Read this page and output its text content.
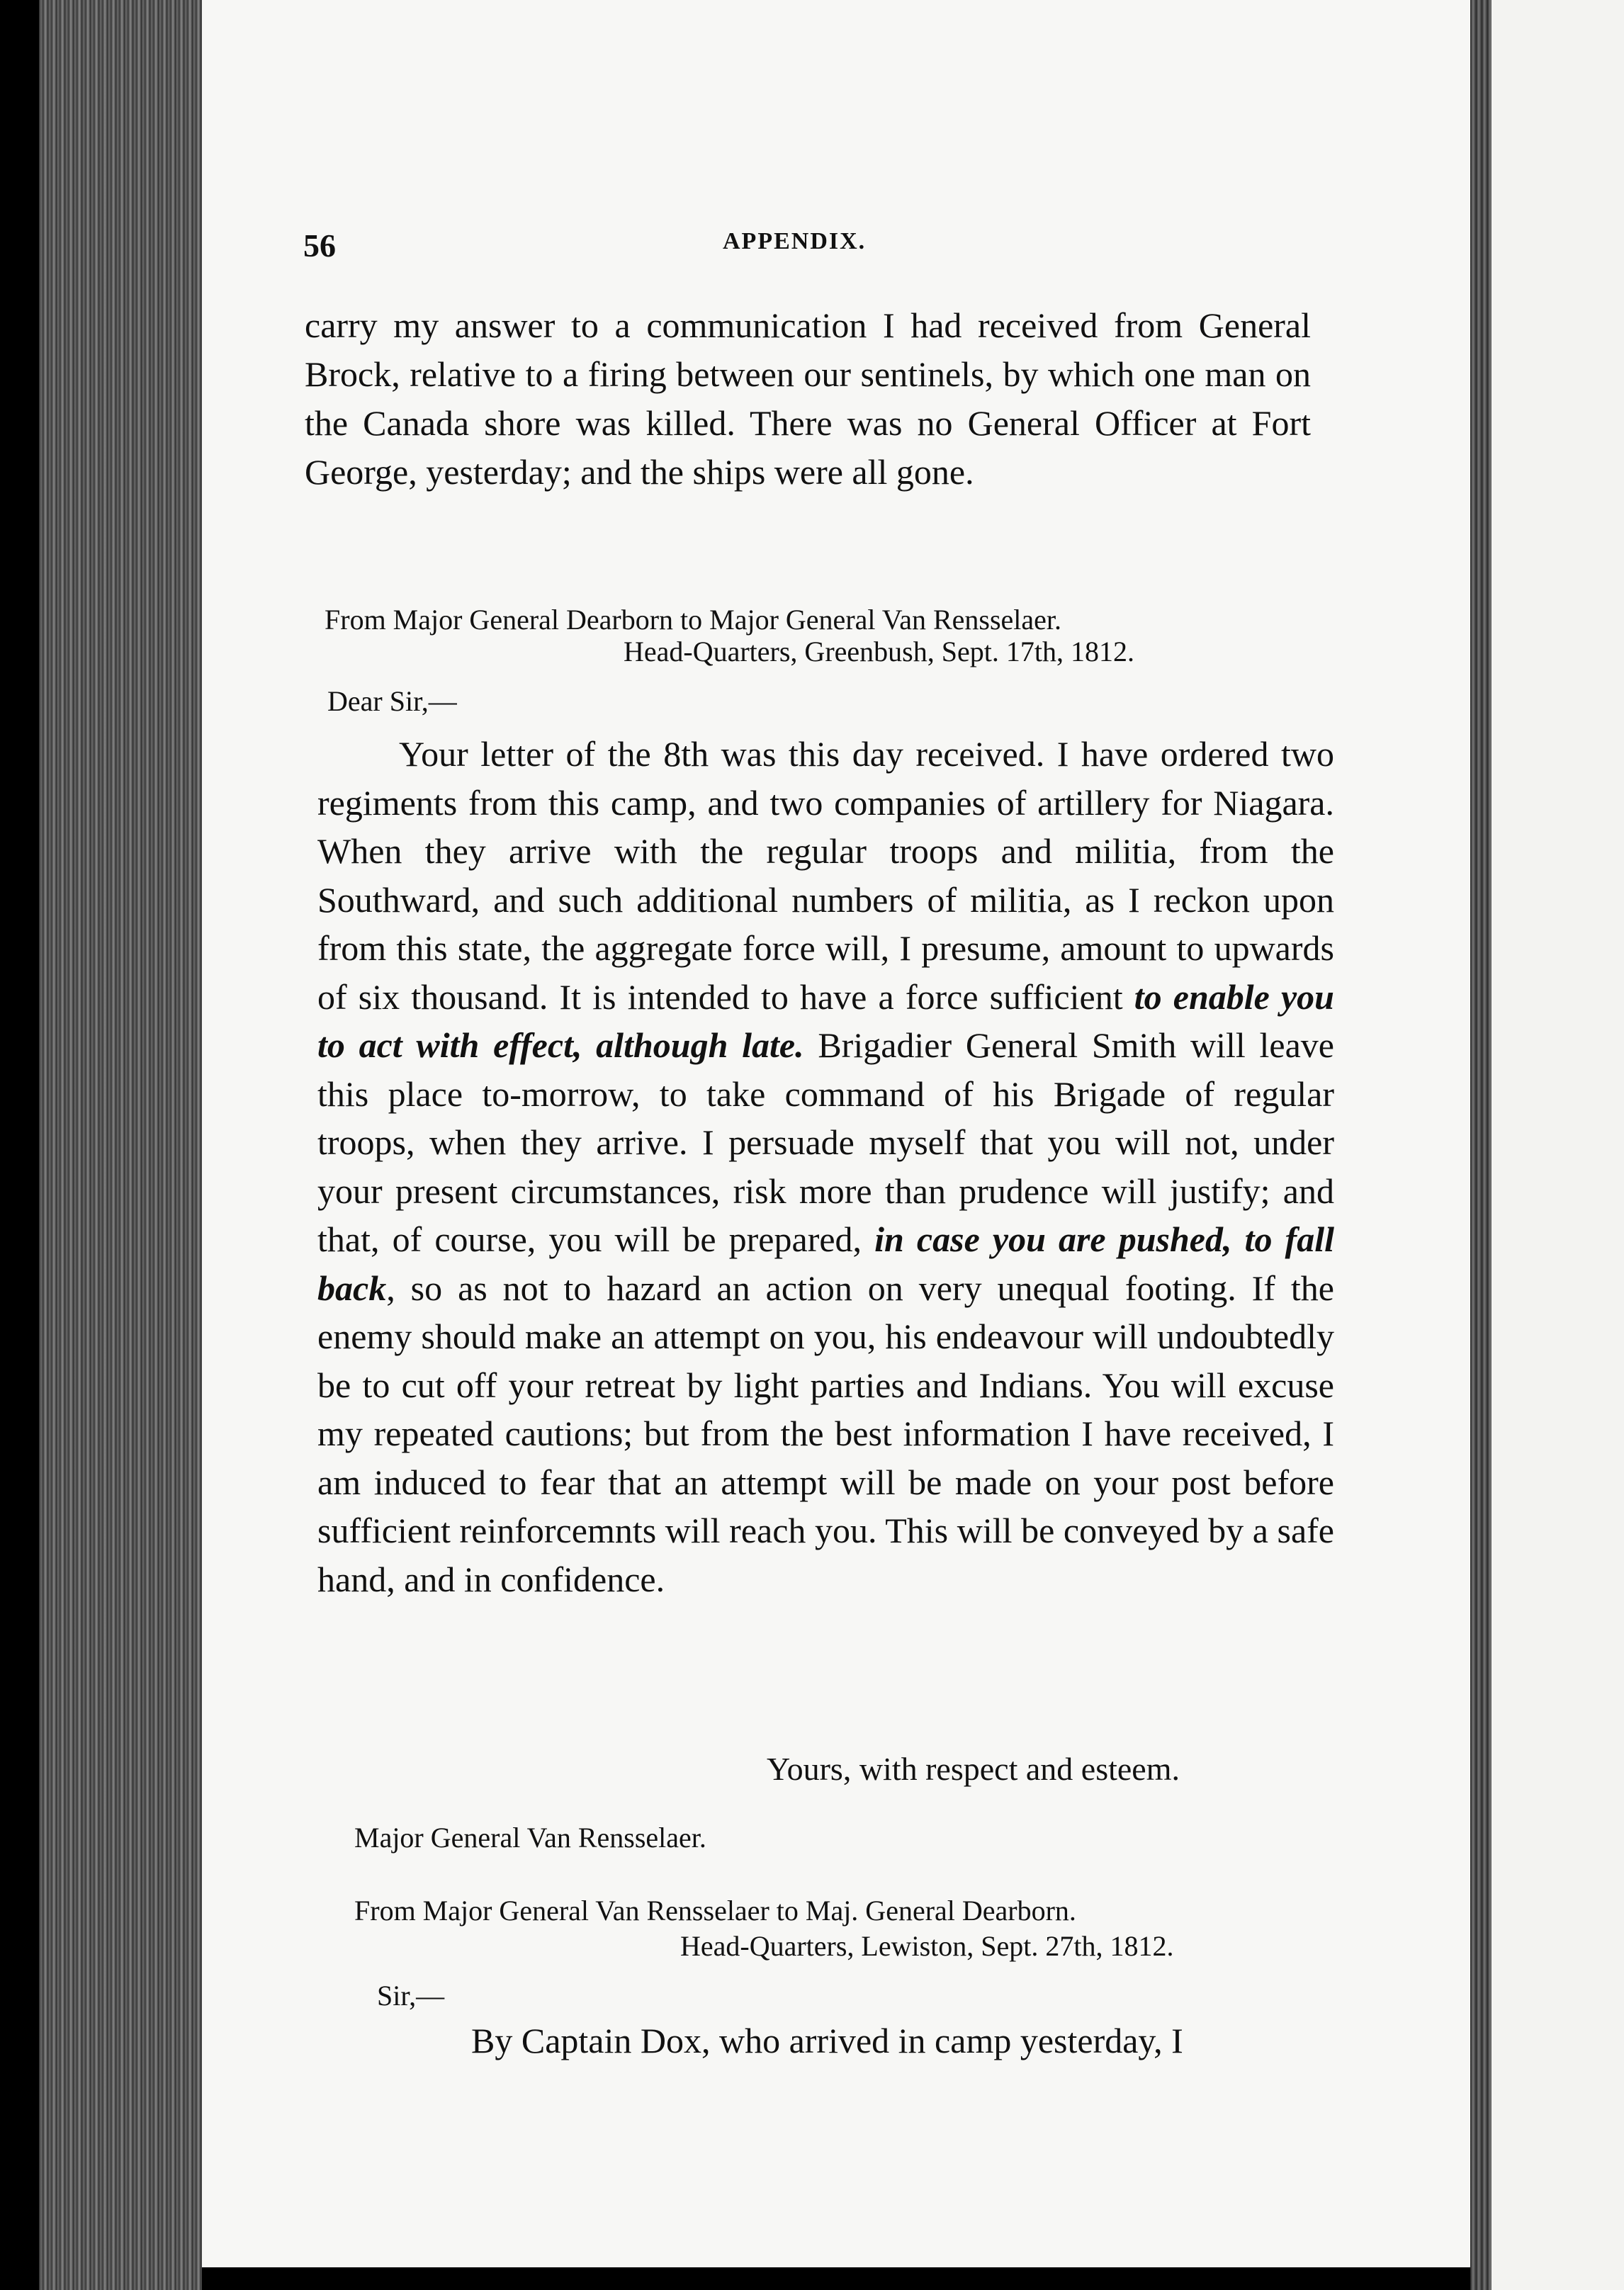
56	APPENDIX.

carry my answer to a communication I had received from General Brock, relative to a firing between our sentinels, by which one man on the Canada shore was killed. There was no General Officer at Fort George, yesterday; and the ships were all gone.

From Major General Dearborn to Major General Van Rensselaer.

Head-Quarters, Greenbush, Sept. 17th, 1812.

Dear Sir,—

Your letter of the 8th was this day received. I have ordered two regiments from this camp, and two companies of artillery for Niagara. When they arrive with the regular troops and militia, from the Southward, and such additional numbers of militia, as I reckon upon from this state, the aggregate force will, I presume, amount to upwards of six thousand. It is intended to have a force sufficient to enable you to act with effect, although late. Brigadier General Smith will leave this place to-morrow, to take command of his Brigade of regular troops, when they arrive. I persuade myself that you will not, under your present circumstances, risk more than prudence will justify; and that, of course, you will be prepared, in case you are pushed, to fall back, so as not to hazard an action on very unequal footing. If the enemy should make an attempt on you, his endeavour will undoubtedly be to cut off your retreat by light parties and Indians. You will excuse my repeated cautions; but from the best information I have received, I am induced to fear that an attempt will be made on your post before sufficient reinforcemnts will reach you. This will be conveyed by a safe hand, and in confidence.

Yours, with respect and esteem.

Major General Van Rensselaer.

From Major General Van Rensselaer to Maj. General Dearborn.

Head-Quarters, Lewiston, Sept. 27th, 1812.

Sir,—

By Captain Dox, who arrived in camp yesterday, I
